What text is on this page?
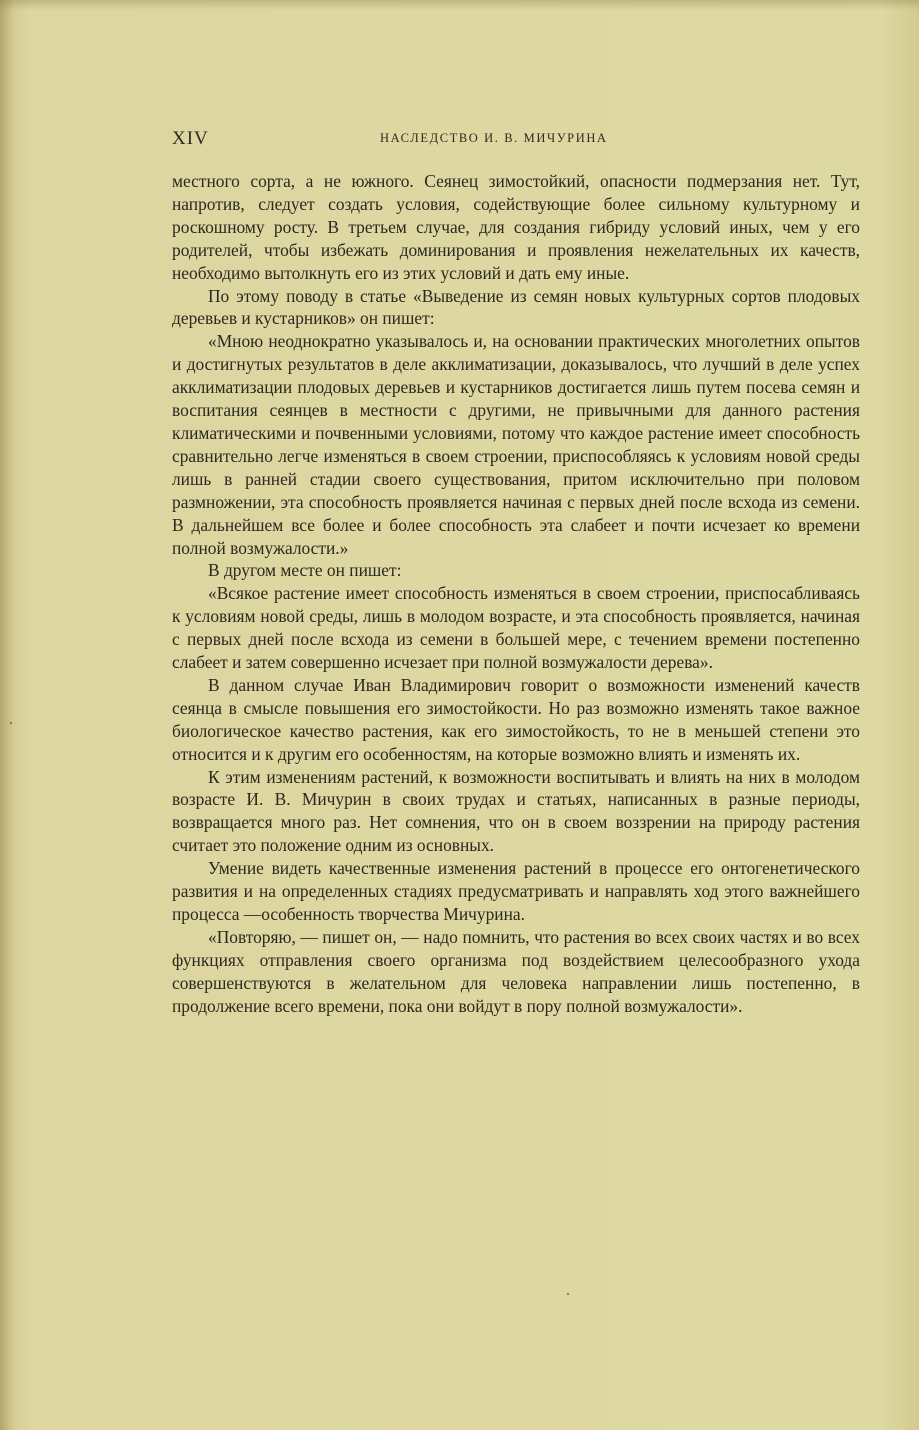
XIV	НАСЛЕДСТВО И. В. МИЧУРИНА

местного сорта, а не южного. Сеянец зимостойкий, опасности подмерзания нет. Тут, напротив, следует создать условия, содействующие более сильному культурному и роскошному росту. В третьем случае, для создания гибриду условий иных, чем у его родителей, чтобы избежать доминирования и проявления нежелательных их качеств, необходимо вытолкнуть его из этих условий и дать ему иные.

По этому поводу в статье «Выведение из семян новых культурных сортов плодовых деревьев и кустарников» он пишет:

«Мною неоднократно указывалось и, на основании практических многолетних опытов и достигнутых результатов в деле акклиматизации, доказывалось, что лучший в деле успех акклиматизации плодовых деревьев и кустарников достигается лишь путем посева семян и воспитания сеянцев в местности с другими, не привычными для данного растения климатическими и почвенными условиями, потому что каждое растение имеет способность сравнительно легче изменяться в своем строении, приспособляясь к условиям новой среды лишь в ранней стадии своего существования, притом исключительно при половом размножении, эта способность проявляется начиная с первых дней после всхода из семени. В дальнейшем все более и более способность эта слабеет и почти исчезает ко времени полной возмужалости.»

В другом месте он пишет:

«Всякое растение имеет способность изменяться в своем строении, приспосабливаясь к условиям новой среды, лишь в молодом возрасте, и эта способность проявляется, начиная с первых дней после всхода из семени в большей мере, с течением времени постепенно слабеет и затем совершенно исчезает при полной возмужалости дерева».

В данном случае Иван Владимирович говорит о возможности изменений качеств сеянца в смысле повышения его зимостойкости. Но раз возможно изменять такое важное биологическое качество растения, как его зимостойкость, то не в меньшей степени это относится и к другим его особенностям, на которые возможно влиять и изменять их.

К этим изменениям растений, к возможности воспитывать и влиять на них в молодом возрасте И. В. Мичурин в своих трудах и статьях, написанных в разные периоды, возвращается много раз. Нет сомнения, что он в своем воззрении на природу растения считает это положение одним из основных.

Умение видеть качественные изменения растений в процессе его онтогенетического развития и на определенных стадиях предусматривать и направлять ход этого важнейшего процесса —особенность творчества Мичурина.

«Повторяю, — пишет он, — надо помнить, что растения во всех своих частях и во всех функциях отправления своего организма под воздействием целесообразного ухода совершенствуются в желательном для человека направлении лишь постепенно, в продолжение всего времени, пока они войдут в пору полной возмужалости».
